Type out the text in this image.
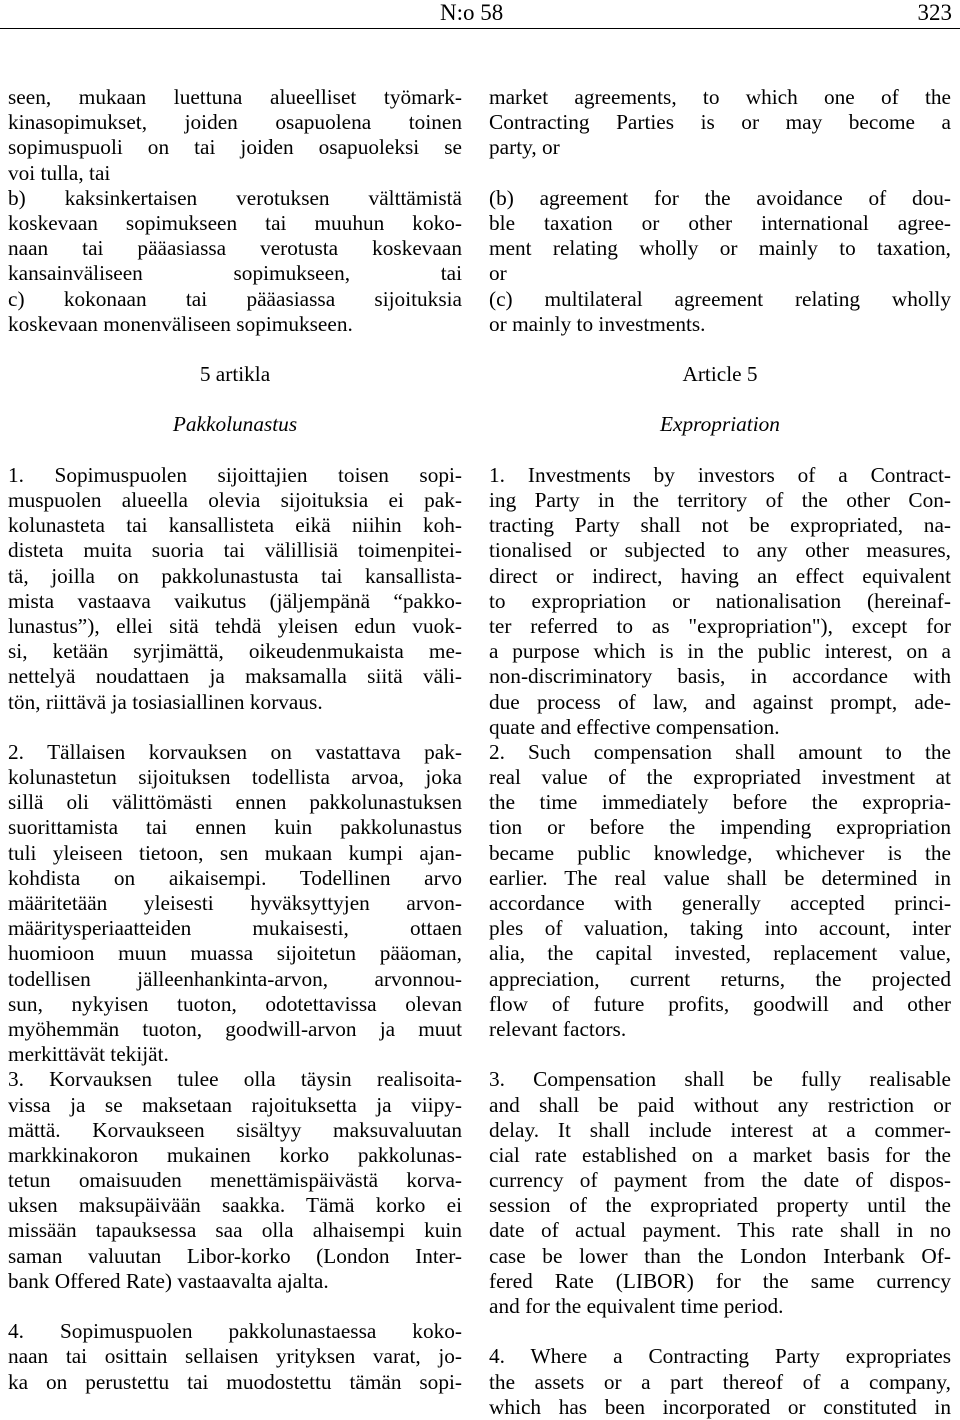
N:o 58	323
seen, mukaan luettuna alueelliset työmark-
kinasopimukset, joiden osapuolena toinen
sopimuspuoli on tai joiden osapuoleksi se
voi tulla, tai
b) kaksinkertaisen verotuksen välttämistä
koskevaan sopimukseen tai muuhun koko-
naan tai pääasiassa verotusta koskevaan
kansainväliseen sopimukseen, tai
c) kokonaan tai pääasiassa sijoituksia
koskevaan monenväliseen sopimukseen.
5 artikla
Pakkolunastus
1. Sopimuspuolen sijoittajien toisen sopi-
muspuolen alueella olevia sijoituksia ei pak-
kolunasteta tai kansallisteta eikä niihin koh-
disteta muita suoria tai välillisiä toimenpitei-
tä, joilla on pakkolunastusta tai kansallista-
mista vastaava vaikutus (jäljempänä “pakko-
lunastus”), ellei sitä tehdä yleisen edun vuok-
si, ketään syrjimättä, oikeudenmukaista me-
nettelyä noudattaen ja maksamalla siitä väli-
tön, riittävä ja tosiasiallinen korvaus.
2. Tällaisen korvauksen on vastattava pak-
kolunastetun sijoituksen todellista arvoa, joka
sillä oli välittömästi ennen pakkolunastuksen
suorittamista tai ennen kuin pakkolunastus
tuli yleiseen tietoon, sen mukaan kumpi ajan-
kohdista on aikaisempi. Todellinen arvo
määritetään yleisesti hyväksyttyjen arvon-
määritysperiaatteiden mukaisesti, ottaen
huomioon muun muassa sijoitetun pääoman,
todellisen jälleenhankinta-arvon, arvonnou-
sun, nykyisen tuoton, odotettavissa olevan
myöhemmän tuoton, goodwill-arvon ja muut
merkittävät tekijät.
3. Korvauksen tulee olla täysin realisoita-
vissa ja se maksetaan rajoituksetta ja viipy-
mättä. Korvaukseen sisältyy maksuvaluutan
markkinakoron mukainen korko pakkolunas-
tetun omaisuuden menettämispäivästä korva-
uksen maksupäivään saakka. Tämä korko ei
missään tapauksessa saa olla alhaisempi kuin
saman valuutan Libor-korko (London Inter-
bank Offered Rate) vastaavalta ajalta.
4. Sopimuspuolen pakkolunastaessa koko-
naan tai osittain sellaisen yrityksen varat, jo-
ka on perustettu tai muodostettu tämän sopi-
market agreements, to which one of the
Contracting Parties is or may become a
party, or
(b) agreement for the avoidance of dou-
ble taxation or other international agree-
ment relating wholly or mainly to taxation,
or
(c) multilateral agreement relating wholly
or mainly to investments.
Article 5
Expropriation
1. Investments by investors of a Contract-
ing Party in the territory of the other Con-
tracting Party shall not be expropriated, na-
tionalised or subjected to any other measures,
direct or indirect, having an effect equivalent
to expropriation or nationalisation (hereinaf-
ter referred to as "expropriation"), except for
a purpose which is in the public interest, on a
non-discriminatory basis, in accordance with
due process of law, and against prompt, ade-
quate and effective compensation.
2. Such compensation shall amount to the
real value of the expropriated investment at
the time immediately before the expropria-
tion or before the impending expropriation
became public knowledge, whichever is the
earlier. The real value shall be determined in
accordance with generally accepted princi-
ples of valuation, taking into account, inter
alia, the capital invested, replacement value,
appreciation, current returns, the projected
flow of future profits, goodwill and other
relevant factors.
3. Compensation shall be fully realisable
and shall be paid without any restriction or
delay. It shall include interest at a commer-
cial rate established on a market basis for the
currency of payment from the date of dispos-
session of the expropriated property until the
date of actual payment. This rate shall in no
case be lower than the London Interbank Of-
fered Rate (LIBOR) for the same currency
and for the equivalent time period.
4. Where a Contracting Party expropriates
the assets or a part thereof of a company,
which has been incorporated or constituted in
